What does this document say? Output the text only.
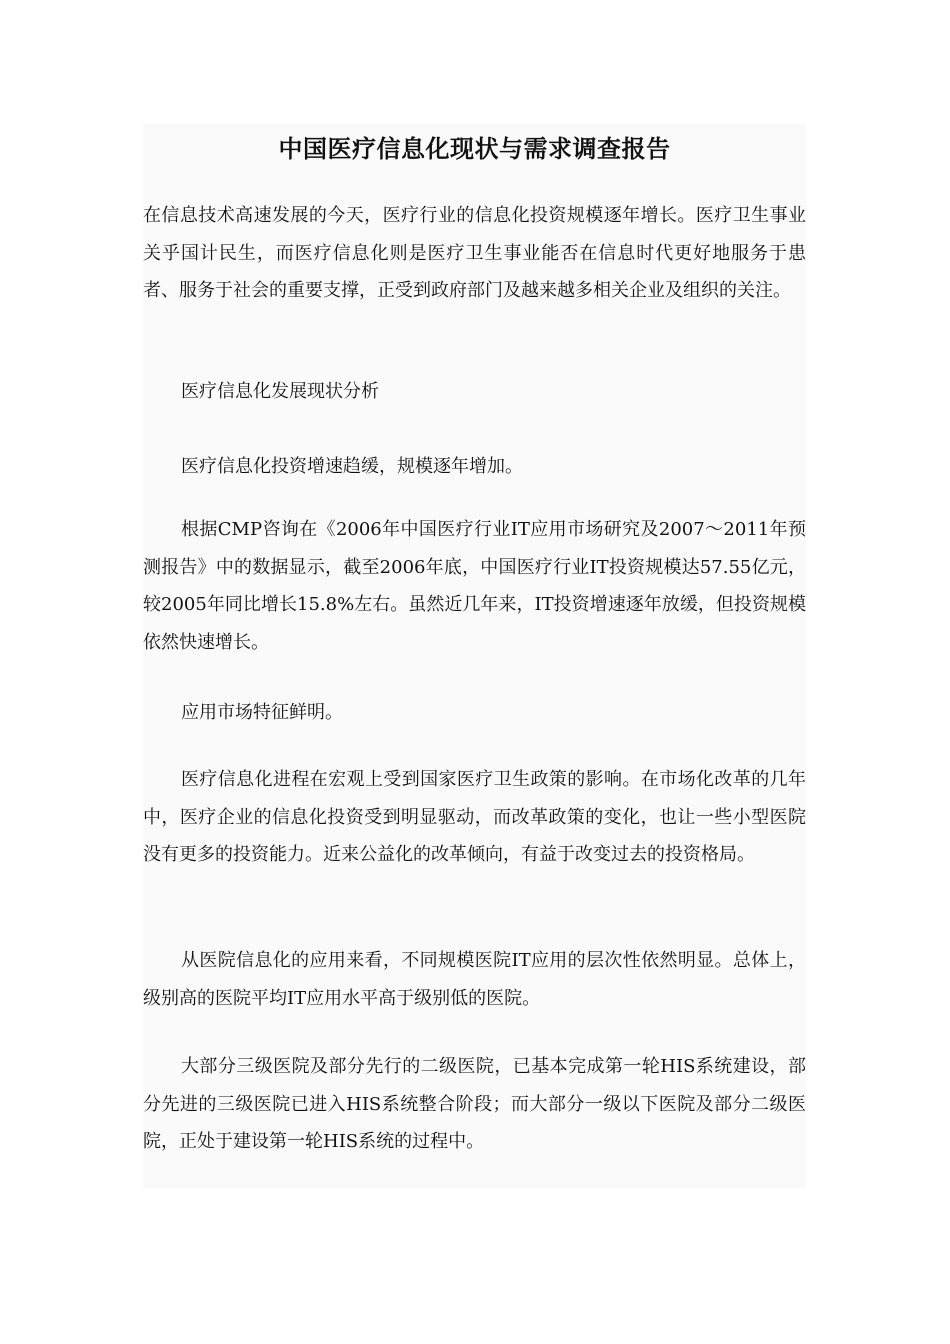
中国医疗信息化现状与需求调查报告

在信息技术高速发展的今天，医疗行业的信息化投资规模逐年增长。医疗卫生事业关乎国计民生，而医疗信息化则是医疗卫生事业能否在信息时代更好地服务于患者、服务于社会的重要支撑，正受到政府部门及越来越多相关企业及组织的关注。

医疗信息化发展现状分析

医疗信息化投资增速趋缓，规模逐年增加。

根据CMP咨询在《2006年中国医疗行业IT应用市场研究及2007～2011年预测报告》中的数据显示，截至2006年底，中国医疗行业IT投资规模达57.55亿元，较2005年同比增长15.8%左右。虽然近几年来，IT投资增速逐年放缓，但投资规模依然快速增长。

应用市场特征鲜明。

医疗信息化进程在宏观上受到国家医疗卫生政策的影响。在市场化改革的几年中，医疗企业的信息化投资受到明显驱动，而改革政策的变化，也让一些小型医院没有更多的投资能力。近来公益化的改革倾向，有益于改变过去的投资格局。

从医院信息化的应用来看，不同规模医院IT应用的层次性依然明显。总体上，级别高的医院平均IT应用水平高于级别低的医院。

大部分三级医院及部分先行的二级医院，已基本完成第一轮HIS系统建设，部分先进的三级医院已进入HIS系统整合阶段；而大部分一级以下医院及部分二级医院，正处于建设第一轮HIS系统的过程中。
